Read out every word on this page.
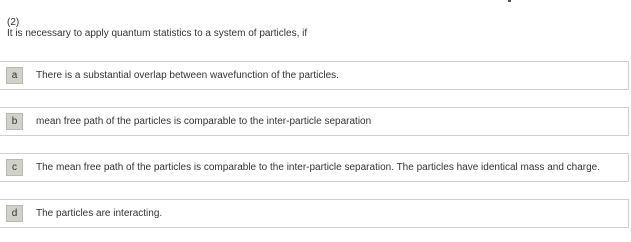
(2)
It is necessary to apply quantum statistics to a system of particles, if
a	There is a substantial overlap between wavefunction of the particles.
b	mean free path of the particles is comparable to the inter-particle separation
c	The mean free path of the particles is comparable to the inter-particle separation. The particles have identical mass and charge.
d	The particles are interacting.
